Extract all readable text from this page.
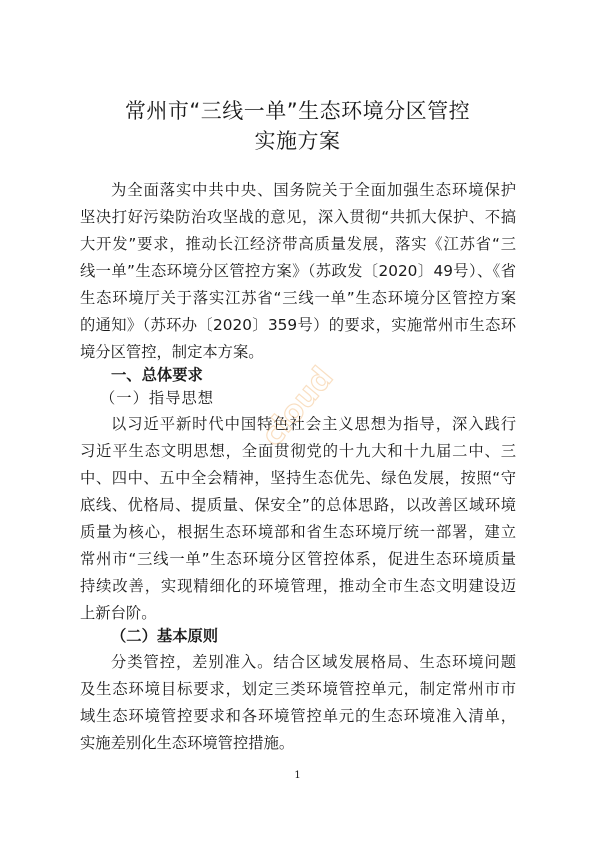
常州市“三线一单”生态环境分区管控
实施方案
为全面落实中共中央、国务院关于全面加强生态环境保护
坚决打好污染防治攻坚战的意见，深入贯彻“共抓大保护、不搞
大开发”要求，推动长江经济带高质量发展，落实《江苏省“三
线一单”生态环境分区管控方案》（苏政发〔2020〕49号）、《省
生态环境厅关于落实江苏省“三线一单”生态环境分区管控方案
的通知》（苏环办〔2020〕359号）的要求，实施常州市生态环
境分区管控，制定本方案。
一、总体要求
（一）指导思想
以习近平新时代中国特色社会主义思想为指导，深入践行
习近平生态文明思想，全面贯彻党的十九大和十九届二中、三
中、四中、五中全会精神，坚持生态优先、绿色发展，按照“守
底线、优格局、提质量、保安全”的总体思路，以改善区域环境
质量为核心，根据生态环境部和省生态环境厅统一部署，建立
常州市“三线一单”生态环境分区管控体系，促进生态环境质量
持续改善，实现精细化的环境管理，推动全市生态文明建设迈
上新台阶。
（二）基本原则
分类管控，差别准入。结合区域发展格局、生态环境问题
及生态环境目标要求，划定三类环境管控单元，制定常州市市
域生态环境管控要求和各环境管控单元的生态环境准入清单，
实施差别化生态环境管控措施。
cloud
1
